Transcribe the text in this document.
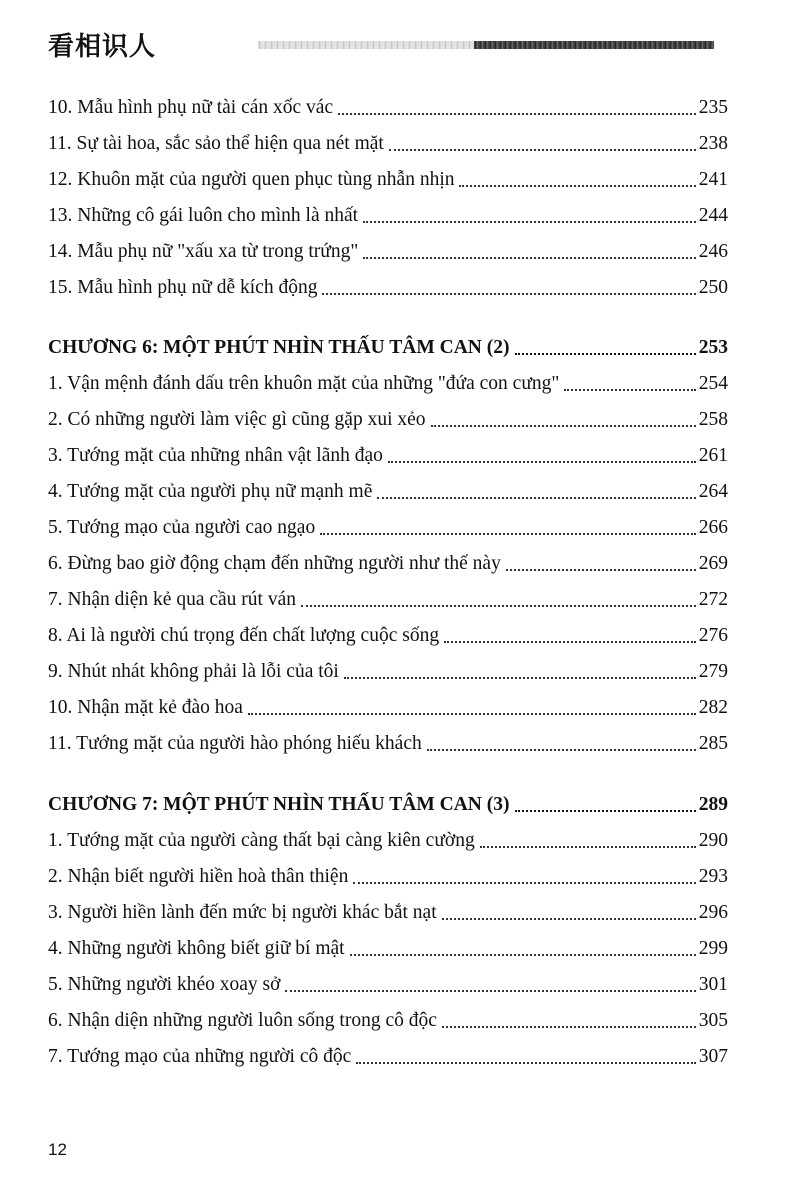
看相识人
10. Mẫu hình phụ nữ tài cán xốc vác	235
11. Sự tài hoa, sắc sảo thể hiện qua nét mặt	238
12. Khuôn mặt của người quen phục tùng nhẫn nhịn	241
13. Những cô gái luôn cho mình là nhất	244
14. Mẫu phụ nữ "xấu xa từ trong trứng"	246
15. Mẫu hình phụ nữ dễ kích động	250
CHƯƠNG 6: MỘT PHÚT NHÌN THẤU TÂM CAN (2)	253
1. Vận mệnh đánh dấu trên khuôn mặt của những "đứa con cưng"	254
2. Có những người làm việc gì cũng gặp xui xẻo	258
3. Tướng mặt của những nhân vật lãnh đạo	261
4. Tướng mặt của người phụ nữ mạnh mẽ	264
5. Tướng mạo của người cao ngạo	266
6. Đừng bao giờ động chạm đến những người như thế này	269
7. Nhận diện kẻ qua cầu rút ván	272
8. Ai là người chú trọng đến chất lượng cuộc sống	276
9. Nhút nhát không phải là lỗi của tôi	279
10. Nhận mặt kẻ đào hoa	282
11. Tướng mặt của người hào phóng hiếu khách	285
CHƯƠNG 7: MỘT PHÚT NHÌN THẤU TÂM CAN (3)	289
1. Tướng mặt của người càng thất bại càng kiên cường	290
2. Nhận biết người hiền hoà thân thiện	293
3. Người hiền lành đến mức bị người khác bắt nạt	296
4. Những người không biết giữ bí mật	299
5. Những người khéo xoay sở	301
6. Nhận diện những người luôn sống trong cô độc	305
7. Tướng mạo của những người cô độc	307
12
